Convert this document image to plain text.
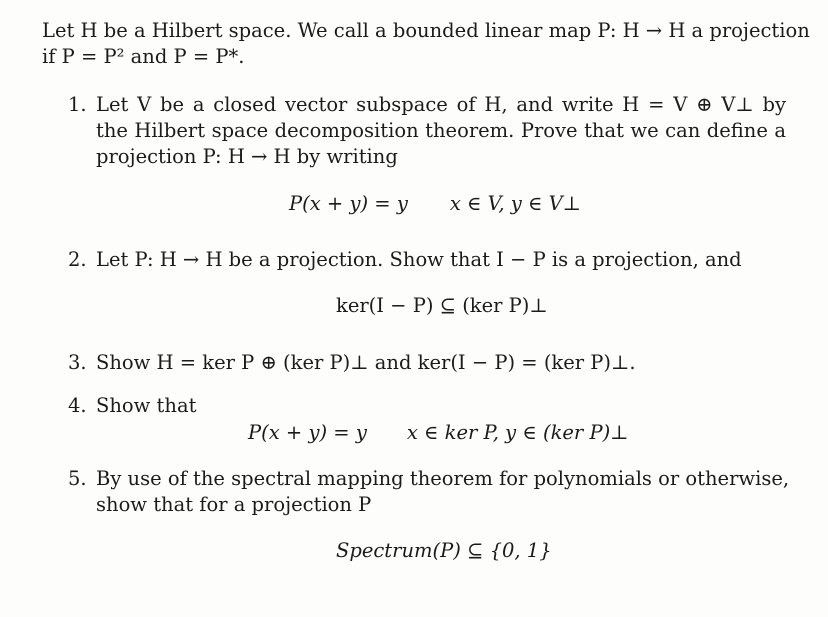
Let H be a Hilbert space. We call a bounded linear map P: H → H a projection
if P = P² and P = P*.
1. Let V be a closed vector subspace of H, and write H = V ⊕ V⊥ by
the Hilbert space decomposition theorem. Prove that we can define a
projection P: H → H by writing
P(x + y) = y x ∈ V, y ∈ V⊥
2. Let P: H → H be a projection. Show that I − P is a projection, and
ker(I − P) ⊆ (ker P)⊥
3. Show H = ker P ⊕ (ker P)⊥ and ker(I − P) = (ker P)⊥.
4. Show that
P(x + y) = y x ∈ ker P, y ∈ (ker P)⊥
5. By use of the spectral mapping theorem for polynomials or otherwise,
show that for a projection P
Spectrum(P) ⊆ {0, 1}
